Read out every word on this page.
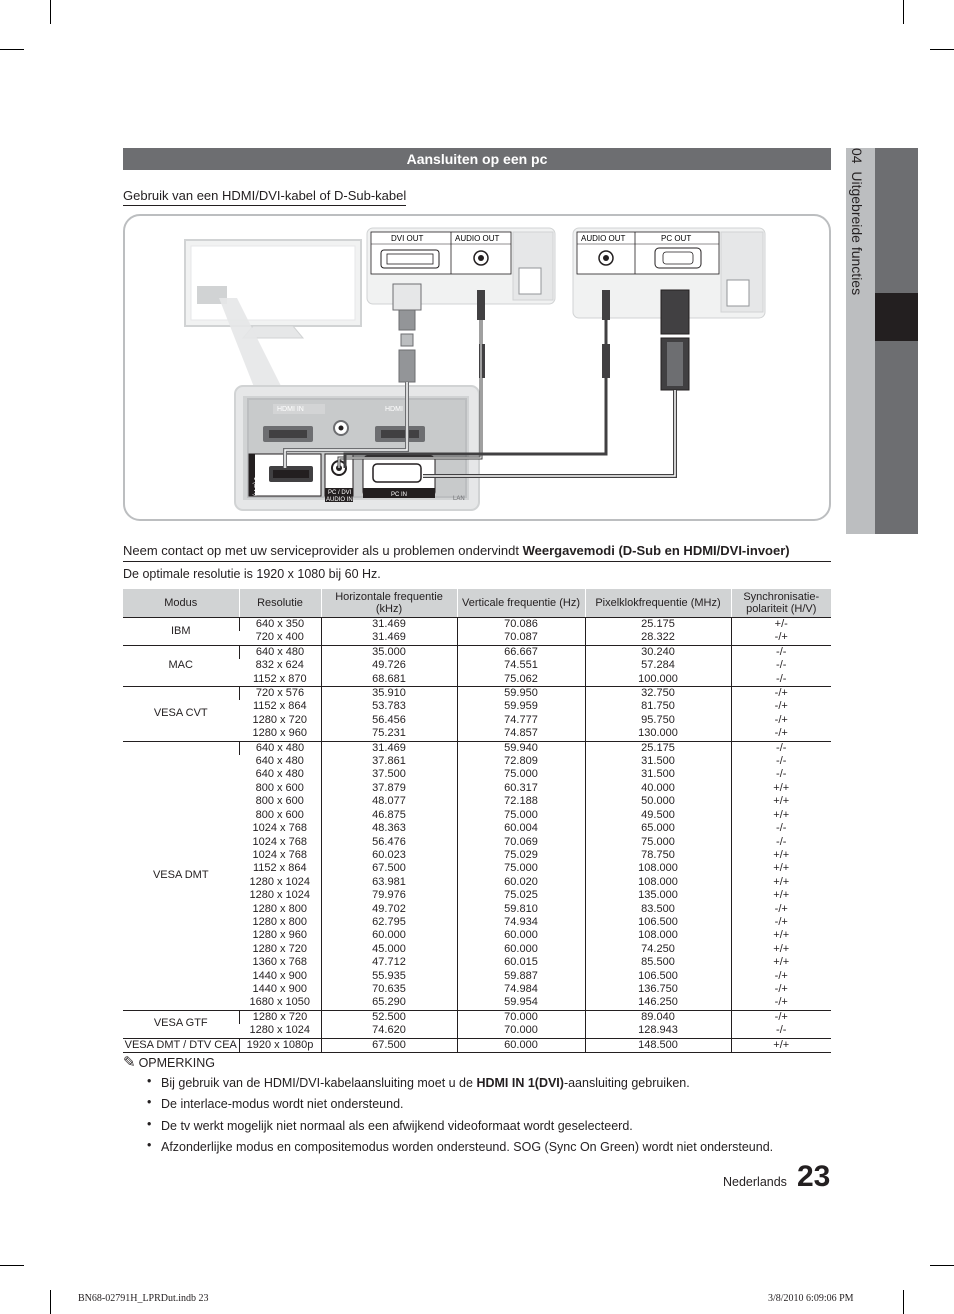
04  Uitgebreide functies
Aansluiten op een pc
Gebruik van een HDMI/DVI-kabel of D-Sub-kabel
HDMI IN	HDMI
1 (DVI)	PC / DVI
AUDIO IN
PC IN
LAN
DVI OUT	AUDIO OUT	AUDIO OUT	PC OUT
Neem contact op met uw serviceprovider als u problemen ondervindt Weergavemodi (D-Sub en HDMI/DVI-invoer)
De optimale resolutie is 1920 x 1080 bij 60 Hz.
Modus	Resolutie	Horizontale frequentie (kHz)	Verticale frequentie (Hz)	Pixelklokfrequentie (MHz)	Synchronisatie-polariteit (H/V)
IBM	640 x 350	31.469	70.086	25.175	+/-
	720 x 400	31.469	70.087	28.322	-/+
MAC	640 x 480	35.000	66.667	30.240	-/-
	832 x 624	49.726	74.551	57.284	-/-
	1152 x 870	68.681	75.062	100.000	-/-
VESA CVT	720 x 576	35.910	59.950	32.750	-/+
	1152 x 864	53.783	59.959	81.750	-/+
	1280 x 720	56.456	74.777	95.750	-/+
	1280 x 960	75.231	74.857	130.000	-/+
VESA DMT	640 x 480	31.469	59.940	25.175	-/-
	640 x 480	37.861	72.809	31.500	-/-
	640 x 480	37.500	75.000	31.500	-/-
	800 x 600	37.879	60.317	40.000	+/+
	800 x 600	48.077	72.188	50.000	+/+
	800 x 600	46.875	75.000	49.500	+/+
	1024 x 768	48.363	60.004	65.000	-/-
	1024 x 768	56.476	70.069	75.000	-/-
	1024 x 768	60.023	75.029	78.750	+/+
	1152 x 864	67.500	75.000	108.000	+/+
	1280 x 1024	63.981	60.020	108.000	+/+
	1280 x 1024	79.976	75.025	135.000	+/+
	1280 x 800	49.702	59.810	83.500	-/+
	1280 x 800	62.795	74.934	106.500	-/+
	1280 x 960	60.000	60.000	108.000	+/+
	1280 x 720	45.000	60.000	74.250	+/+
	1360 x 768	47.712	60.015	85.500	+/+
	1440 x 900	55.935	59.887	106.500	-/+
	1440 x 900	70.635	74.984	136.750	-/+
	1680 x 1050	65.290	59.954	146.250	-/+
VESA GTF	1280 x 720	52.500	70.000	89.040	-/+
	1280 x 1024	74.620	70.000	128.943	-/-
VESA DMT / DTV CEA	1920 x 1080p	67.500	60.000	148.500	+/+
✎ OPMERKING
• Bij gebruik van de HDMI/DVI-kabelaansluiting moet u de HDMI IN 1(DVI)-aansluiting gebruiken.
• De interlace-modus wordt niet ondersteund.
• De tv werkt mogelijk niet normaal als een afwijkend videoformaat wordt geselecteerd.
• Afzonderlijke modus en compositemodus worden ondersteund. SOG (Sync On Green) wordt niet ondersteund.
Nederlands 23
BN68-02791H_LPRDut.indb 23	3/8/2010 6:09:06 PM
